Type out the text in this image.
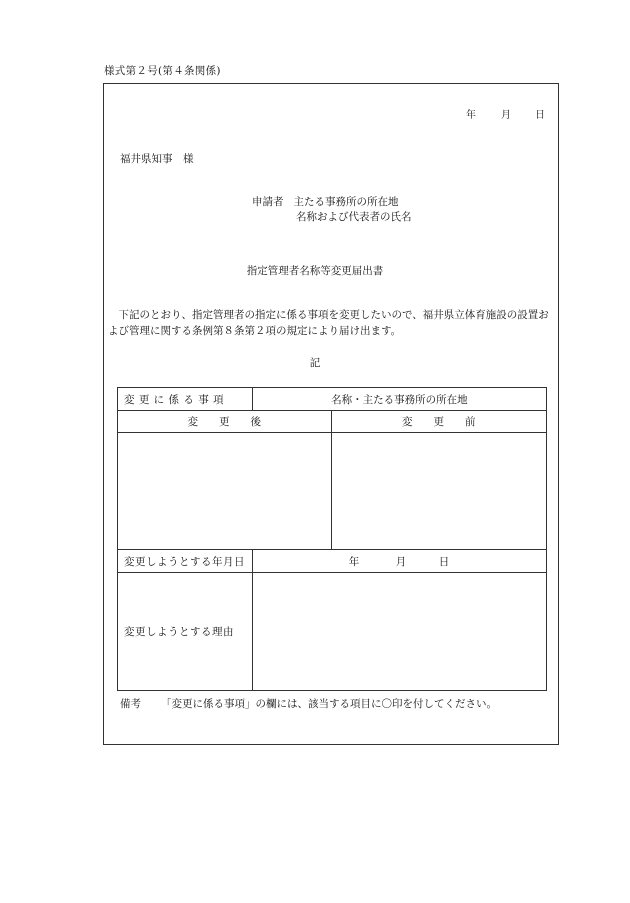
様式第２号(第４条関係)
年	月 日
福井県知事　様
申請者 主たる事務所の所在地
名称および代表者の氏名
指定管理者名称等変更届出書
　下記のとおり、指定管理者の指定に係る事項を変更したいので、福井県立体育施設の設置および管理に関する条例第８条第２項の規定により届け出ます。
記
変 更 に 係 る 事 項	名称・主たる事務所の所在地	
変　　更　　後		変　　更　　前

変更しようとする年月日	年 月 日	

変更しようとする理由		
備考 「変更に係る事項」の欄には、該当する項目に〇印を付してください。
